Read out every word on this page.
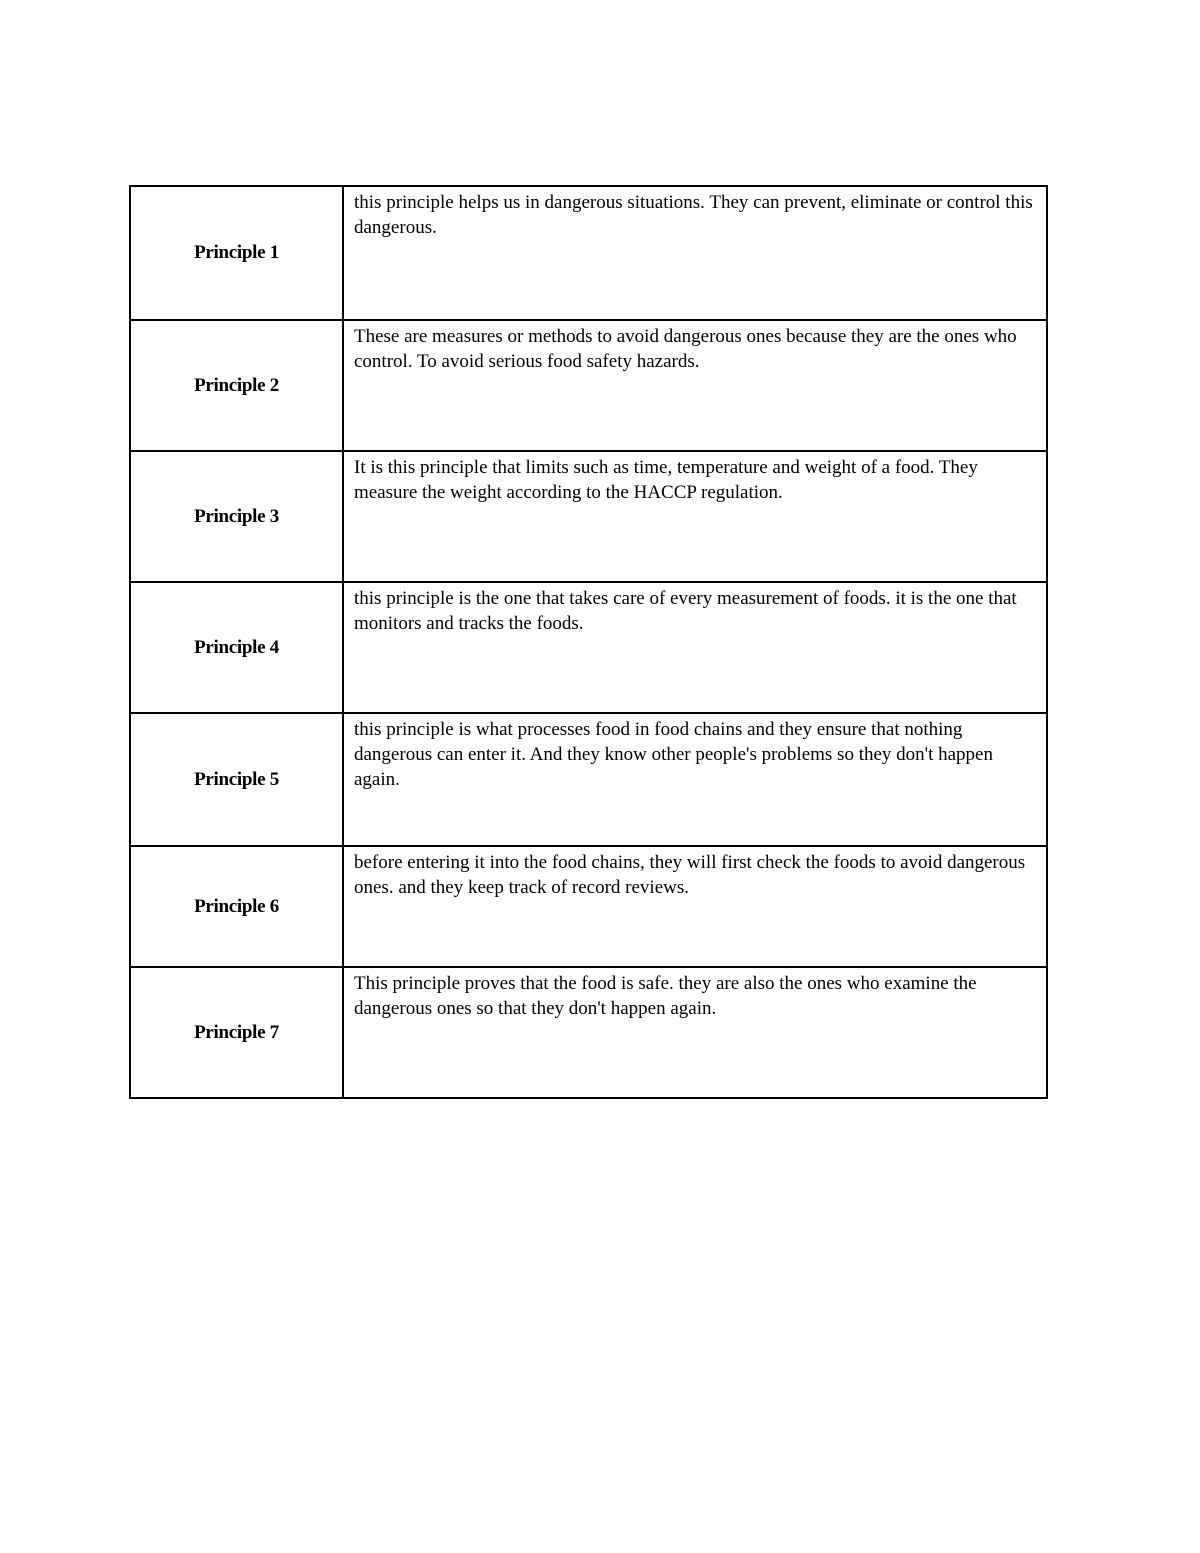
Principle 1	this principle helps us in dangerous situations. They can prevent, eliminate or control this dangerous.
Principle 2	These are measures or methods to avoid dangerous ones because they are the ones who control. To avoid serious food safety hazards.
Principle 3	It is this principle that limits such as time, temperature and weight of a food. They measure the weight according to the HACCP regulation.
Principle 4	this principle is the one that takes care of every measurement of foods. it is the one that monitors and tracks the foods.
Principle 5	this principle is what processes food in food chains and they ensure that nothing dangerous can enter it. And they know other people's problems so they don't happen again.
Principle 6	before entering it into the food chains, they will first check the foods to avoid dangerous ones. and they keep track of record reviews.
Principle 7	This principle proves that the food is safe. they are also the ones who examine the dangerous ones so that they don't happen again.
